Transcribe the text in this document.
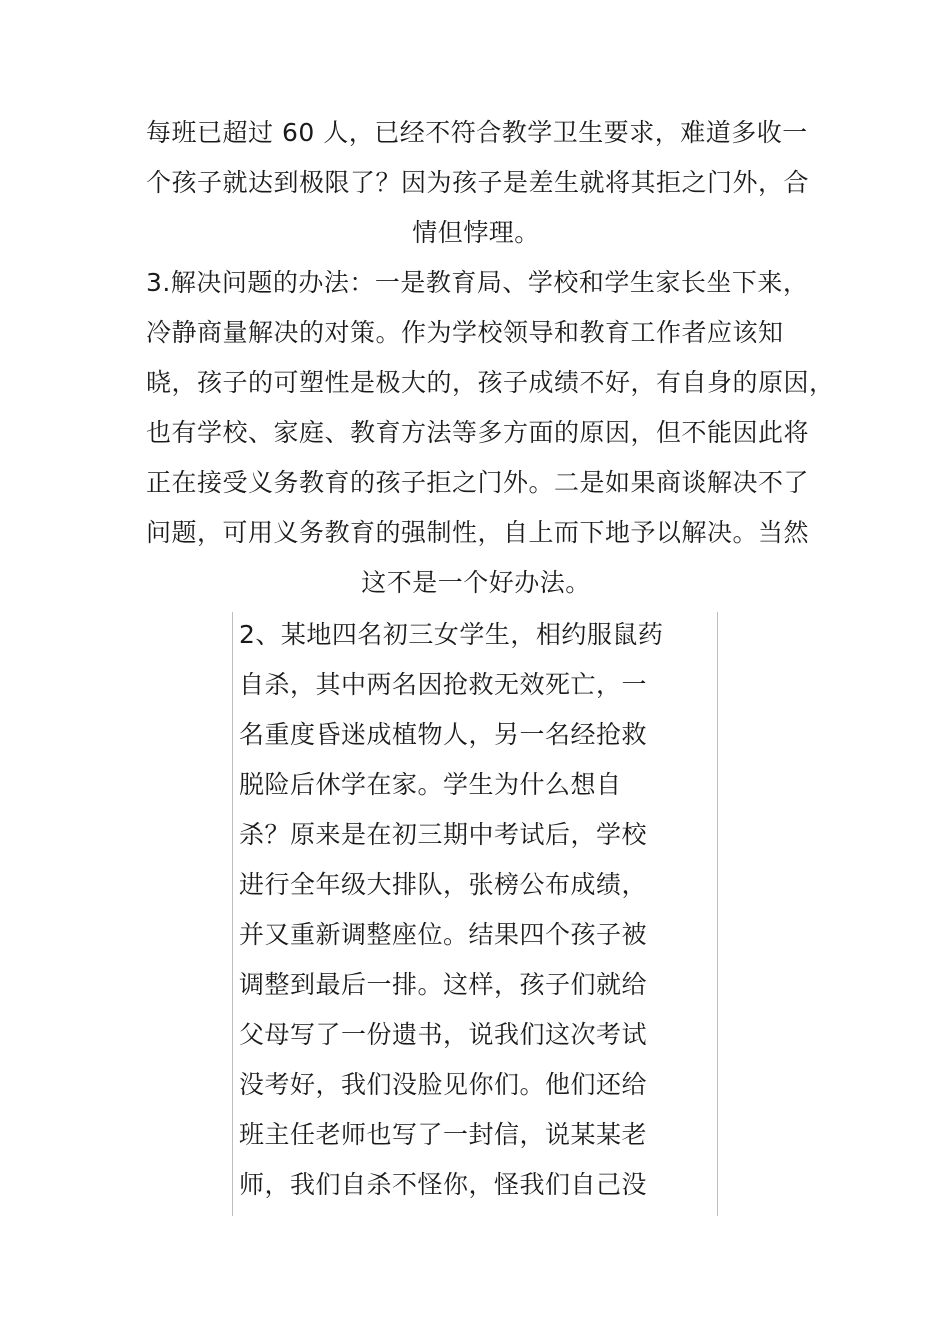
每班已超过 60 人，已经不符合教学卫生要求，难道多收一
个孩子就达到极限了？因为孩子是差生就将其拒之门外，合
情但悖理。
3.解决问题的办法：一是教育局、学校和学生家长坐下来，
冷静商量解决的对策。作为学校领导和教育工作者应该知
晓，孩子的可塑性是极大的，孩子成绩不好，有自身的原因，
也有学校、家庭、教育方法等多方面的原因，但不能因此将
正在接受义务教育的孩子拒之门外。二是如果商谈解决不了
问题，可用义务教育的强制性，自上而下地予以解决。当然
这不是一个好办法。
2、某地四名初三女学生，相约服鼠药
自杀，其中两名因抢救无效死亡，一
名重度昏迷成植物人，另一名经抢救
脱险后休学在家。学生为什么想自
杀？原来是在初三期中考试后，学校
进行全年级大排队，张榜公布成绩，
并又重新调整座位。结果四个孩子被
调整到最后一排。这样，孩子们就给
父母写了一份遗书，说我们这次考试
没考好，我们没脸见你们。他们还给
班主任老师也写了一封信，说某某老
师，我们自杀不怪你，怪我们自己没
